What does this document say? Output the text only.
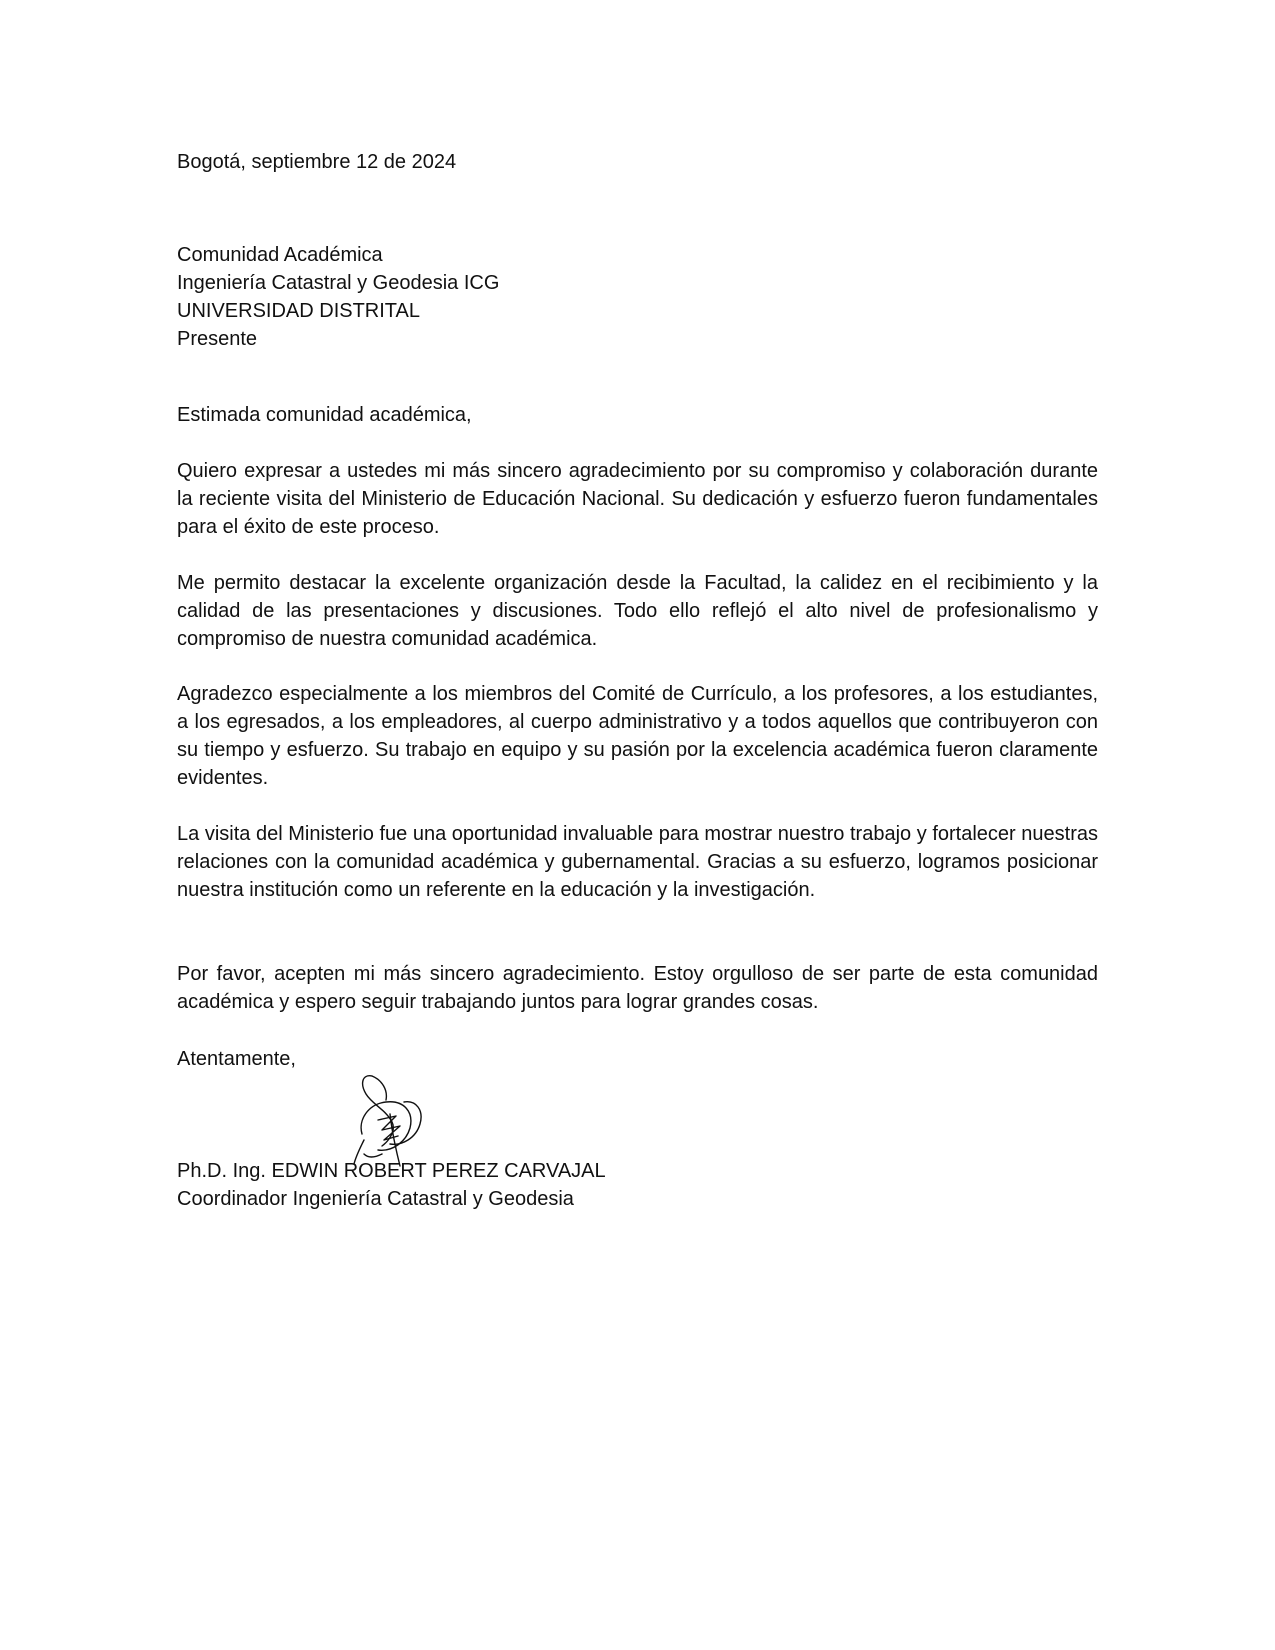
Bogotá, septiembre 12 de 2024
Comunidad Académica
Ingeniería Catastral y Geodesia ICG
UNIVERSIDAD DISTRITAL
Presente
Estimada comunidad académica,

Quiero expresar a ustedes mi más sincero agradecimiento por su compromiso y colaboración durante la reciente visita del Ministerio de Educación Nacional. Su dedicación y esfuerzo fueron fundamentales para el éxito de este proceso.

Me permito destacar la excelente organización desde la Facultad, la calidez en el recibimiento y la calidad de las presentaciones y discusiones. Todo ello reflejó el alto nivel de profesionalismo y compromiso de nuestra comunidad académica.

Agradezco especialmente a los miembros del Comité de Currículo, a los profesores, a los estudiantes, a los egresados, a los empleadores, al cuerpo administrativo y a todos aquellos que contribuyeron con su tiempo y esfuerzo. Su trabajo en equipo y su pasión por la excelencia académica fueron claramente evidentes.

La visita del Ministerio fue una oportunidad invaluable para mostrar nuestro trabajo y fortalecer nuestras relaciones con la comunidad académica y gubernamental. Gracias a su esfuerzo, logramos posicionar nuestra institución como un referente en la educación y la investigación.

Por favor, acepten mi más sincero agradecimiento. Estoy orgulloso de ser parte de esta comunidad académica y espero seguir trabajando juntos para lograr grandes cosas.

Atentamente,
Ph.D. Ing. EDWIN ROBERT PEREZ CARVAJAL
Coordinador Ingeniería Catastral y Geodesia
